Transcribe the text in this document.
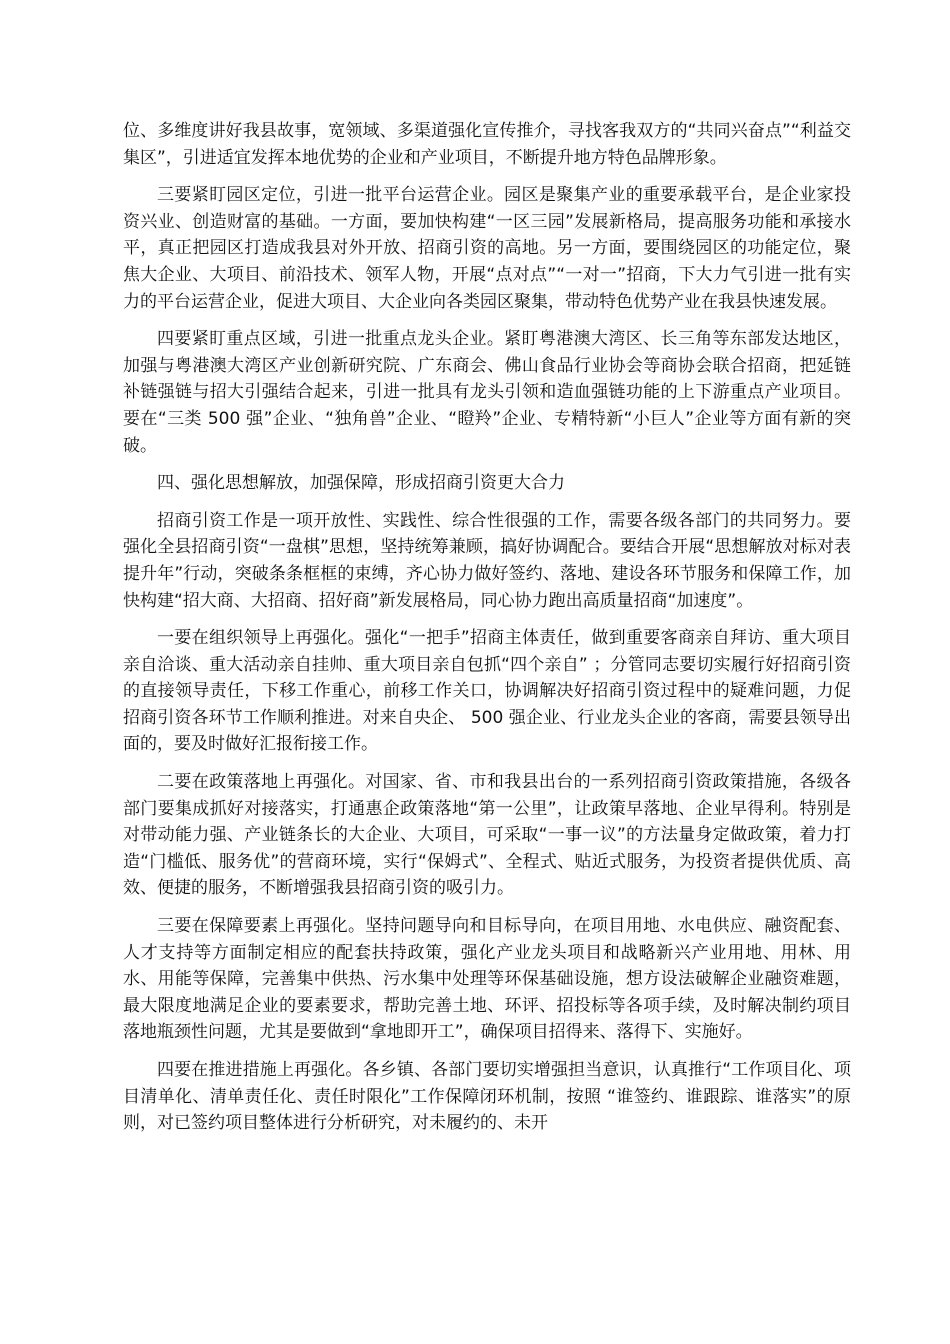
位、多维度讲好我县故事，宽领域、多渠道强化宣传推介，寻找客我双方的“共同兴奋点”“利益交集区”，引进适宜发挥本地优势的企业和产业项目，不断提升地方特色品牌形象。

三要紧盯园区定位，引进一批平台运营企业。园区是聚集产业的重要承载平台，是企业家投资兴业、创造财富的基础。一方面，要加快构建“一区三园”发展新格局，提高服务功能和承接水平，真正把园区打造成我县对外开放、招商引资的高地。另一方面，要围绕园区的功能定位，聚焦大企业、大项目、前沿技术、领军人物，开展“点对点”“一对一”招商，下大力气引进一批有实力的平台运营企业，促进大项目、大企业向各类园区聚集，带动特色优势产业在我县快速发展。

四要紧盯重点区域，引进一批重点龙头企业。紧盯粤港澳大湾区、长三角等东部发达地区，加强与粤港澳大湾区产业创新研究院、广东商会、佛山食品行业协会等商协会联合招商，把延链补链强链与招大引强结合起来，引进一批具有龙头引领和造血强链功能的上下游重点产业项目。要在“三类 500 强”企业、“独角兽”企业、“瞪羚”企业、专精特新“小巨人”企业等方面有新的突破。

四、强化思想解放，加强保障，形成招商引资更大合力

招商引资工作是一项开放性、实践性、综合性很强的工作，需要各级各部门的共同努力。要强化全县招商引资“一盘棋”思想，坚持统筹兼顾，搞好协调配合。要结合开展“思想解放对标对表提升年”行动，突破条条框框的束缚，齐心协力做好签约、落地、建设各环节服务和保障工作，加快构建“招大商、大招商、招好商”新发展格局，同心协力跑出高质量招商“加速度”。

一要在组织领导上再强化。强化“一把手”招商主体责任，做到重要客商亲自拜访、重大项目亲自洽谈、重大活动亲自挂帅、重大项目亲自包抓“四个亲自” ；分管同志要切实履行好招商引资的直接领导责任，下移工作重心，前移工作关口，协调解决好招商引资过程中的疑难问题，力促招商引资各环节工作顺利推进。对来自央企、 500 强企业、行业龙头企业的客商，需要县领导出面的，要及时做好汇报衔接工作。

二要在政策落地上再强化。对国家、省、市和我县出台的一系列招商引资政策措施，各级各部门要集成抓好对接落实，打通惠企政策落地“第一公里”，让政策早落地、企业早得利。特别是对带动能力强、产业链条长的大企业、大项目，可采取“一事一议”的方法量身定做政策，着力打造“门槛低、服务优”的营商环境，实行“保姆式”、全程式、贴近式服务，为投资者提供优质、高效、便捷的服务，不断增强我县招商引资的吸引力。

三要在保障要素上再强化。坚持问题导向和目标导向，在项目用地、水电供应、融资配套、人才支持等方面制定相应的配套扶持政策，强化产业龙头项目和战略新兴产业用地、用林、用水、用能等保障，完善集中供热、污水集中处理等环保基础设施，想方设法破解企业融资难题，最大限度地满足企业的要素要求，帮助完善土地、环评、招投标等各项手续，及时解决制约项目落地瓶颈性问题，尤其是要做到“拿地即开工”，确保项目招得来、落得下、实施好。

四要在推进措施上再强化。各乡镇、各部门要切实增强担当意识，认真推行“工作项目化、项目清单化、清单责任化、责任时限化”工作保障闭环机制，按照 “谁签约、谁跟踪、谁落实”的原则，对已签约项目整体进行分析研究，对未履约的、未开
